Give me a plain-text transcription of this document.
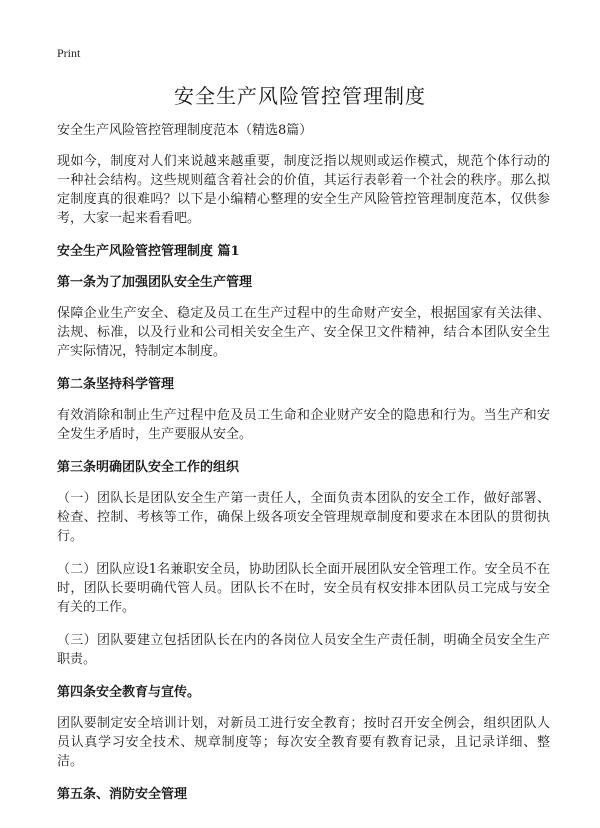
Print
安全生产风险管控管理制度

安全生产风险管控管理制度范本（精选8篇）

现如今，制度对人们来说越来越重要，制度泛指以规则或运作模式，规范个体行动的一种社会结构。这些规则蕴含着社会的价值，其运行表彰着一个社会的秩序。那么拟定制度真的很难吗？以下是小编精心整理的安全生产风险管控管理制度范本，仅供参考，大家一起来看看吧。

安全生产风险管控管理制度 篇1

第一条为了加强团队安全生产管理

保障企业生产安全、稳定及员工在生产过程中的生命财产安全，根据国家有关法律、法规、标准，以及行业和公司相关安全生产、安全保卫文件精神，结合本团队安全生产实际情况，特制定本制度。

第二条坚持科学管理

有效消除和制止生产过程中危及员工生命和企业财产安全的隐患和行为。当生产和安全发生矛盾时，生产要服从安全。

第三条明确团队安全工作的组织

（一）团队长是团队安全生产第一责任人，全面负责本团队的安全工作，做好部署、检查、控制、考核等工作，确保上级各项安全管理规章制度和要求在本团队的贯彻执行。

（二）团队应设1名兼职安全员，协助团队长全面开展团队安全管理工作。安全员不在时，团队长要明确代管人员。团队长不在时，安全员有权安排本团队员工完成与安全有关的工作。

（三）团队要建立包括团队长在内的各岗位人员安全生产责任制，明确全员安全生产职责。

第四条安全教育与宣传。

团队要制定安全培训计划，对新员工进行安全教育；按时召开安全例会，组织团队人员认真学习安全技术、规章制度等；每次安全教育要有教育记录，且记录详细、整洁。

第五条、消防安全管理
